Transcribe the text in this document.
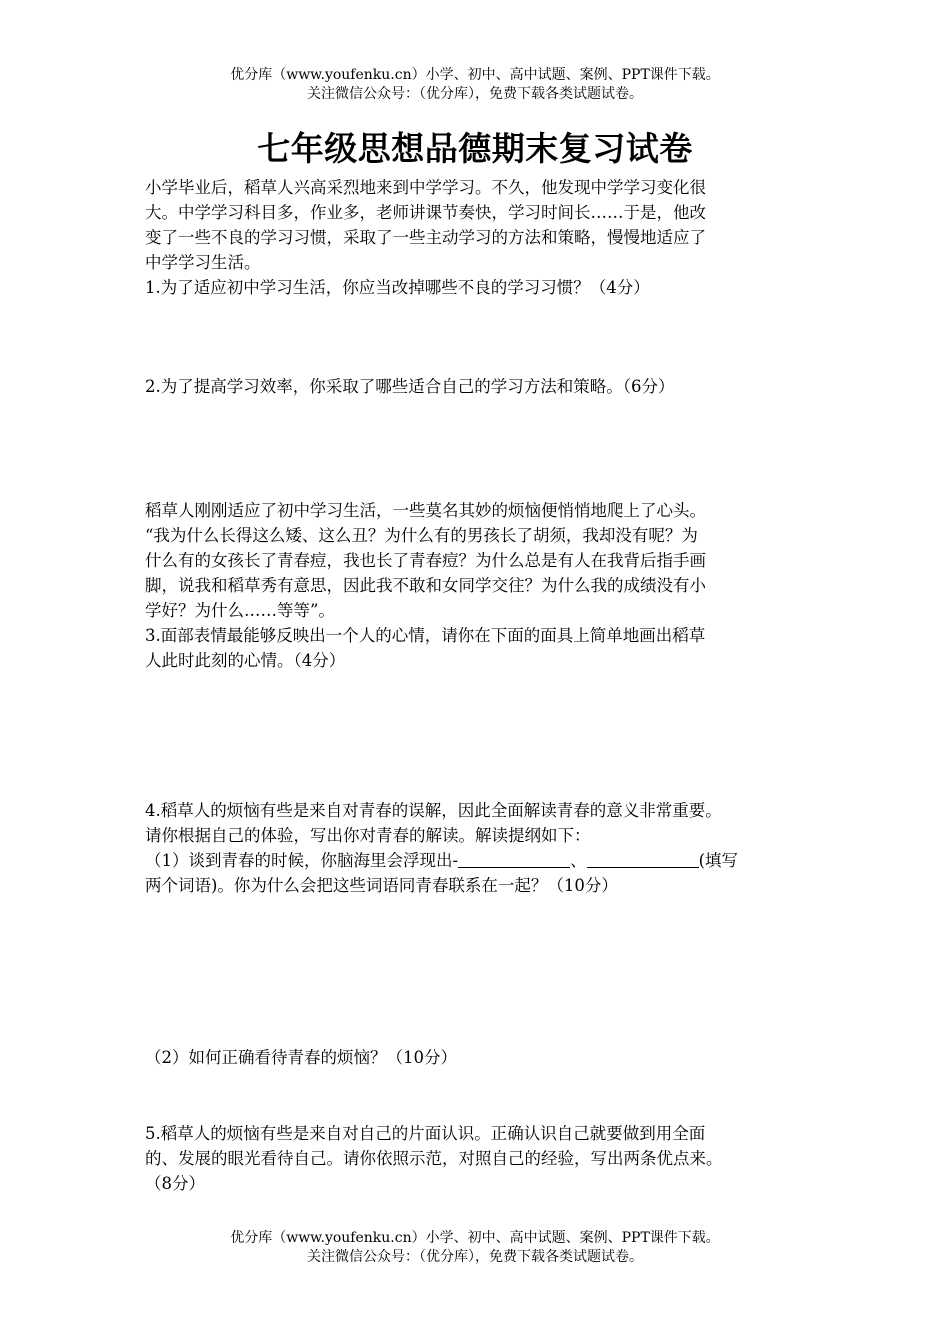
优分库（www.youfenku.cn）小学、初中、高中试题、案例、PPT课件下载。
关注微信公众号：（优分库），免费下载各类试题试卷。
七年级思想品德期末复习试卷

小学毕业后，稻草人兴高采烈地来到中学学习。不久，他发现中学学习变化很

大。中学学习科目多，作业多，老师讲课节奏快，学习时间长……于是，他改

变了一些不良的学习习惯，采取了一些主动学习的方法和策略，慢慢地适应了

中学学习生活。

1.为了适应初中学习生活，你应当改掉哪些不良的学习习惯？（4分）

2.为了提高学习效率，你采取了哪些适合自己的学习方法和策略。（6分）

稻草人刚刚适应了初中学习生活，一些莫名其妙的烦恼便悄悄地爬上了心头。

“我为什么长得这么矮、这么丑？为什么有的男孩长了胡须，我却没有呢？为

什么有的女孩长了青春痘，我也长了青春痘？为什么总是有人在我背后指手画

脚，说我和稻草秀有意思，因此我不敢和女同学交往？为什么我的成绩没有小

学好？为什么……等等”。

3.面部表情最能够反映出一个人的心情，请你在下面的面具上简单地画出稻草

人此时此刻的心情。（4分）

4.稻草人的烦恼有些是来自对青春的误解，因此全面解读青春的意义非常重要。

请你根据自己的体验，写出你对青春的解读。解读提纲如下：

（1）谈到青春的时候，你脑海里会浮现出-	、	(填写

两个词语)。你为什么会把这些词语同青春联系在一起？（10分）

（2）如何正确看待青春的烦恼？（10分）

5.稻草人的烦恼有些是来自对自己的片面认识。正确认识自己就要做到用全面

的、发展的眼光看待自己。请你依照示范，对照自己的经验，写出两条优点来。

（8分）

优分库（www.youfenku.cn）小学、初中、高中试题、案例、PPT课件下载。
关注微信公众号：（优分库），免费下载各类试题试卷。
